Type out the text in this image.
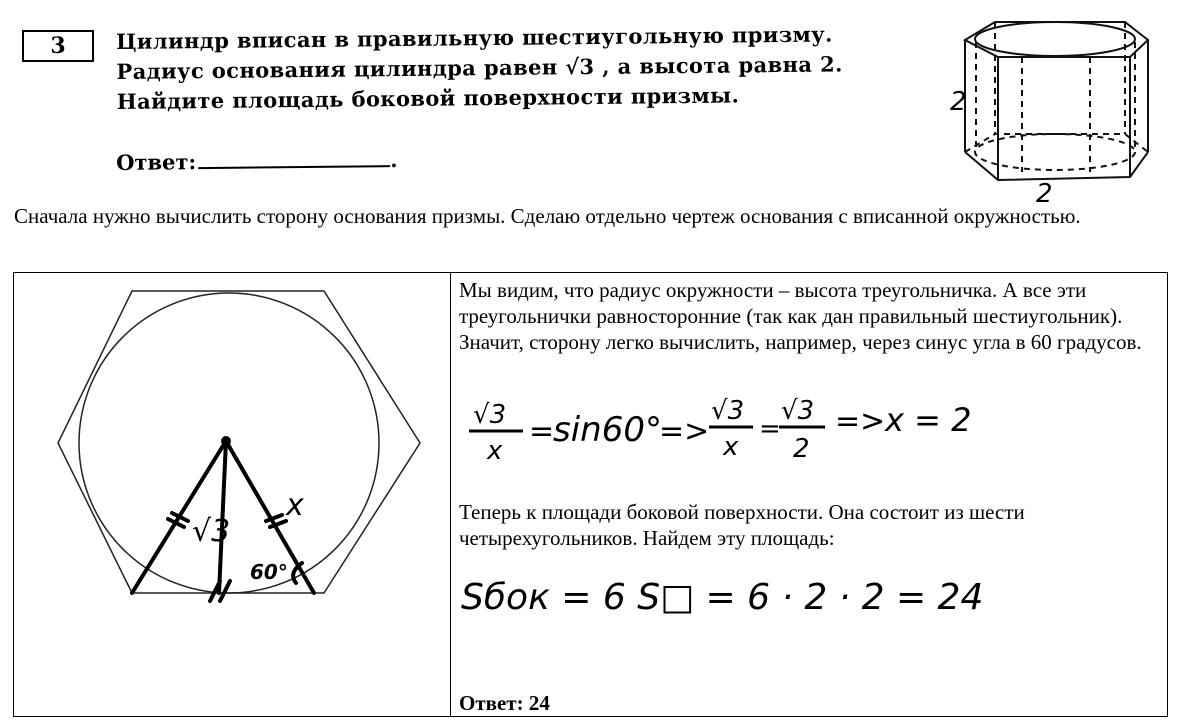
3	Цилиндр вписан в правильную шестиугольную призму.
Радиус основания цилиндра равен √3 , а высота равна 2.
Найдите площадь боковой поверхности призмы.
Ответ:	.
2
2
Сначала нужно вычислить сторону основания призмы. Сделаю отдельно чертеж основания с вписанной окружностью.
√3
x
60°

Мы видим, что радиус окружности – высота треугольничка. А все эти треугольнички равносторонние (так как дан правильный шестиугольник). Значит, сторону легко вычислить, например, через синус угла в 60 градусов.

√3
x
=
sin60°
=>
√3
x
=
√3
2
=> x = 2

Теперь к площади боковой поверхности. Она состоит из шести четырехугольников. Найдем эту площадь:

Sбок = 6 S□ = 6 · 2 · 2 = 24
Ответ: 24
